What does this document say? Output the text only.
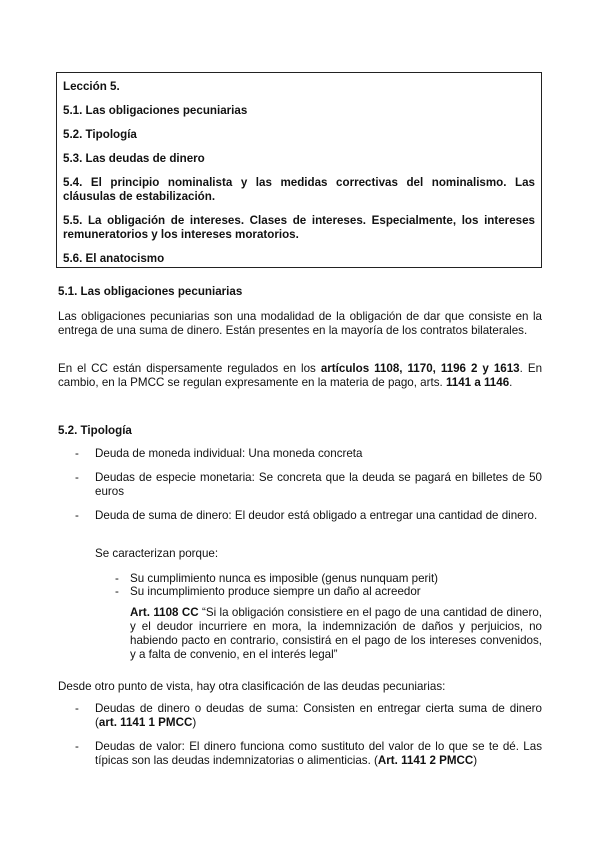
Lección 5.

5.1. Las obligaciones pecuniarias

5.2. Tipología

5.3. Las deudas de dinero

5.4. El principio nominalista y las medidas correctivas del nominalismo. Las cláusulas de estabilización.

5.5. La obligación de intereses. Clases de intereses. Especialmente, los intereses remuneratorios y los intereses moratorios.

5.6. El anatocismo

5.1. Las obligaciones pecuniarias

Las obligaciones pecuniarias son una modalidad de la obligación de dar que consiste en la entrega de una suma de dinero. Están presentes en la mayoría de los contratos bilaterales.

En el CC están dispersamente regulados en los artículos 1108, 1170, 1196 2 y 1613. En cambio, en la PMCC se regulan expresamente en la materia de pago, arts. 1141 a 1146.

5.2. Tipología

- Deuda de moneda individual: Una moneda concreta

- Deudas de especie monetaria: Se concreta que la deuda se pagará en billetes de 50 euros

- Deuda de suma de dinero: El deudor está obligado a entregar una cantidad de dinero.

Se caracterizan porque:

- Su cumplimiento nunca es imposible (genus nunquam perit)

- Su incumplimiento produce siempre un daño al acreedor

Art. 1108 CC “Si la obligación consistiere en el pago de una cantidad de dinero, y el deudor incurriere en mora, la indemnización de daños y perjuicios, no habiendo pacto en contrario, consistirá en el pago de los intereses convenidos, y a falta de convenio, en el interés legal”

Desde otro punto de vista, hay otra clasificación de las deudas pecuniarias:

- Deudas de dinero o deudas de suma: Consisten en entregar cierta suma de dinero (art. 1141 1 PMCC)

- Deudas de valor: El dinero funciona como sustituto del valor de lo que se te dé. Las típicas son las deudas indemnizatorias o alimenticias. (Art. 1141 2 PMCC)
